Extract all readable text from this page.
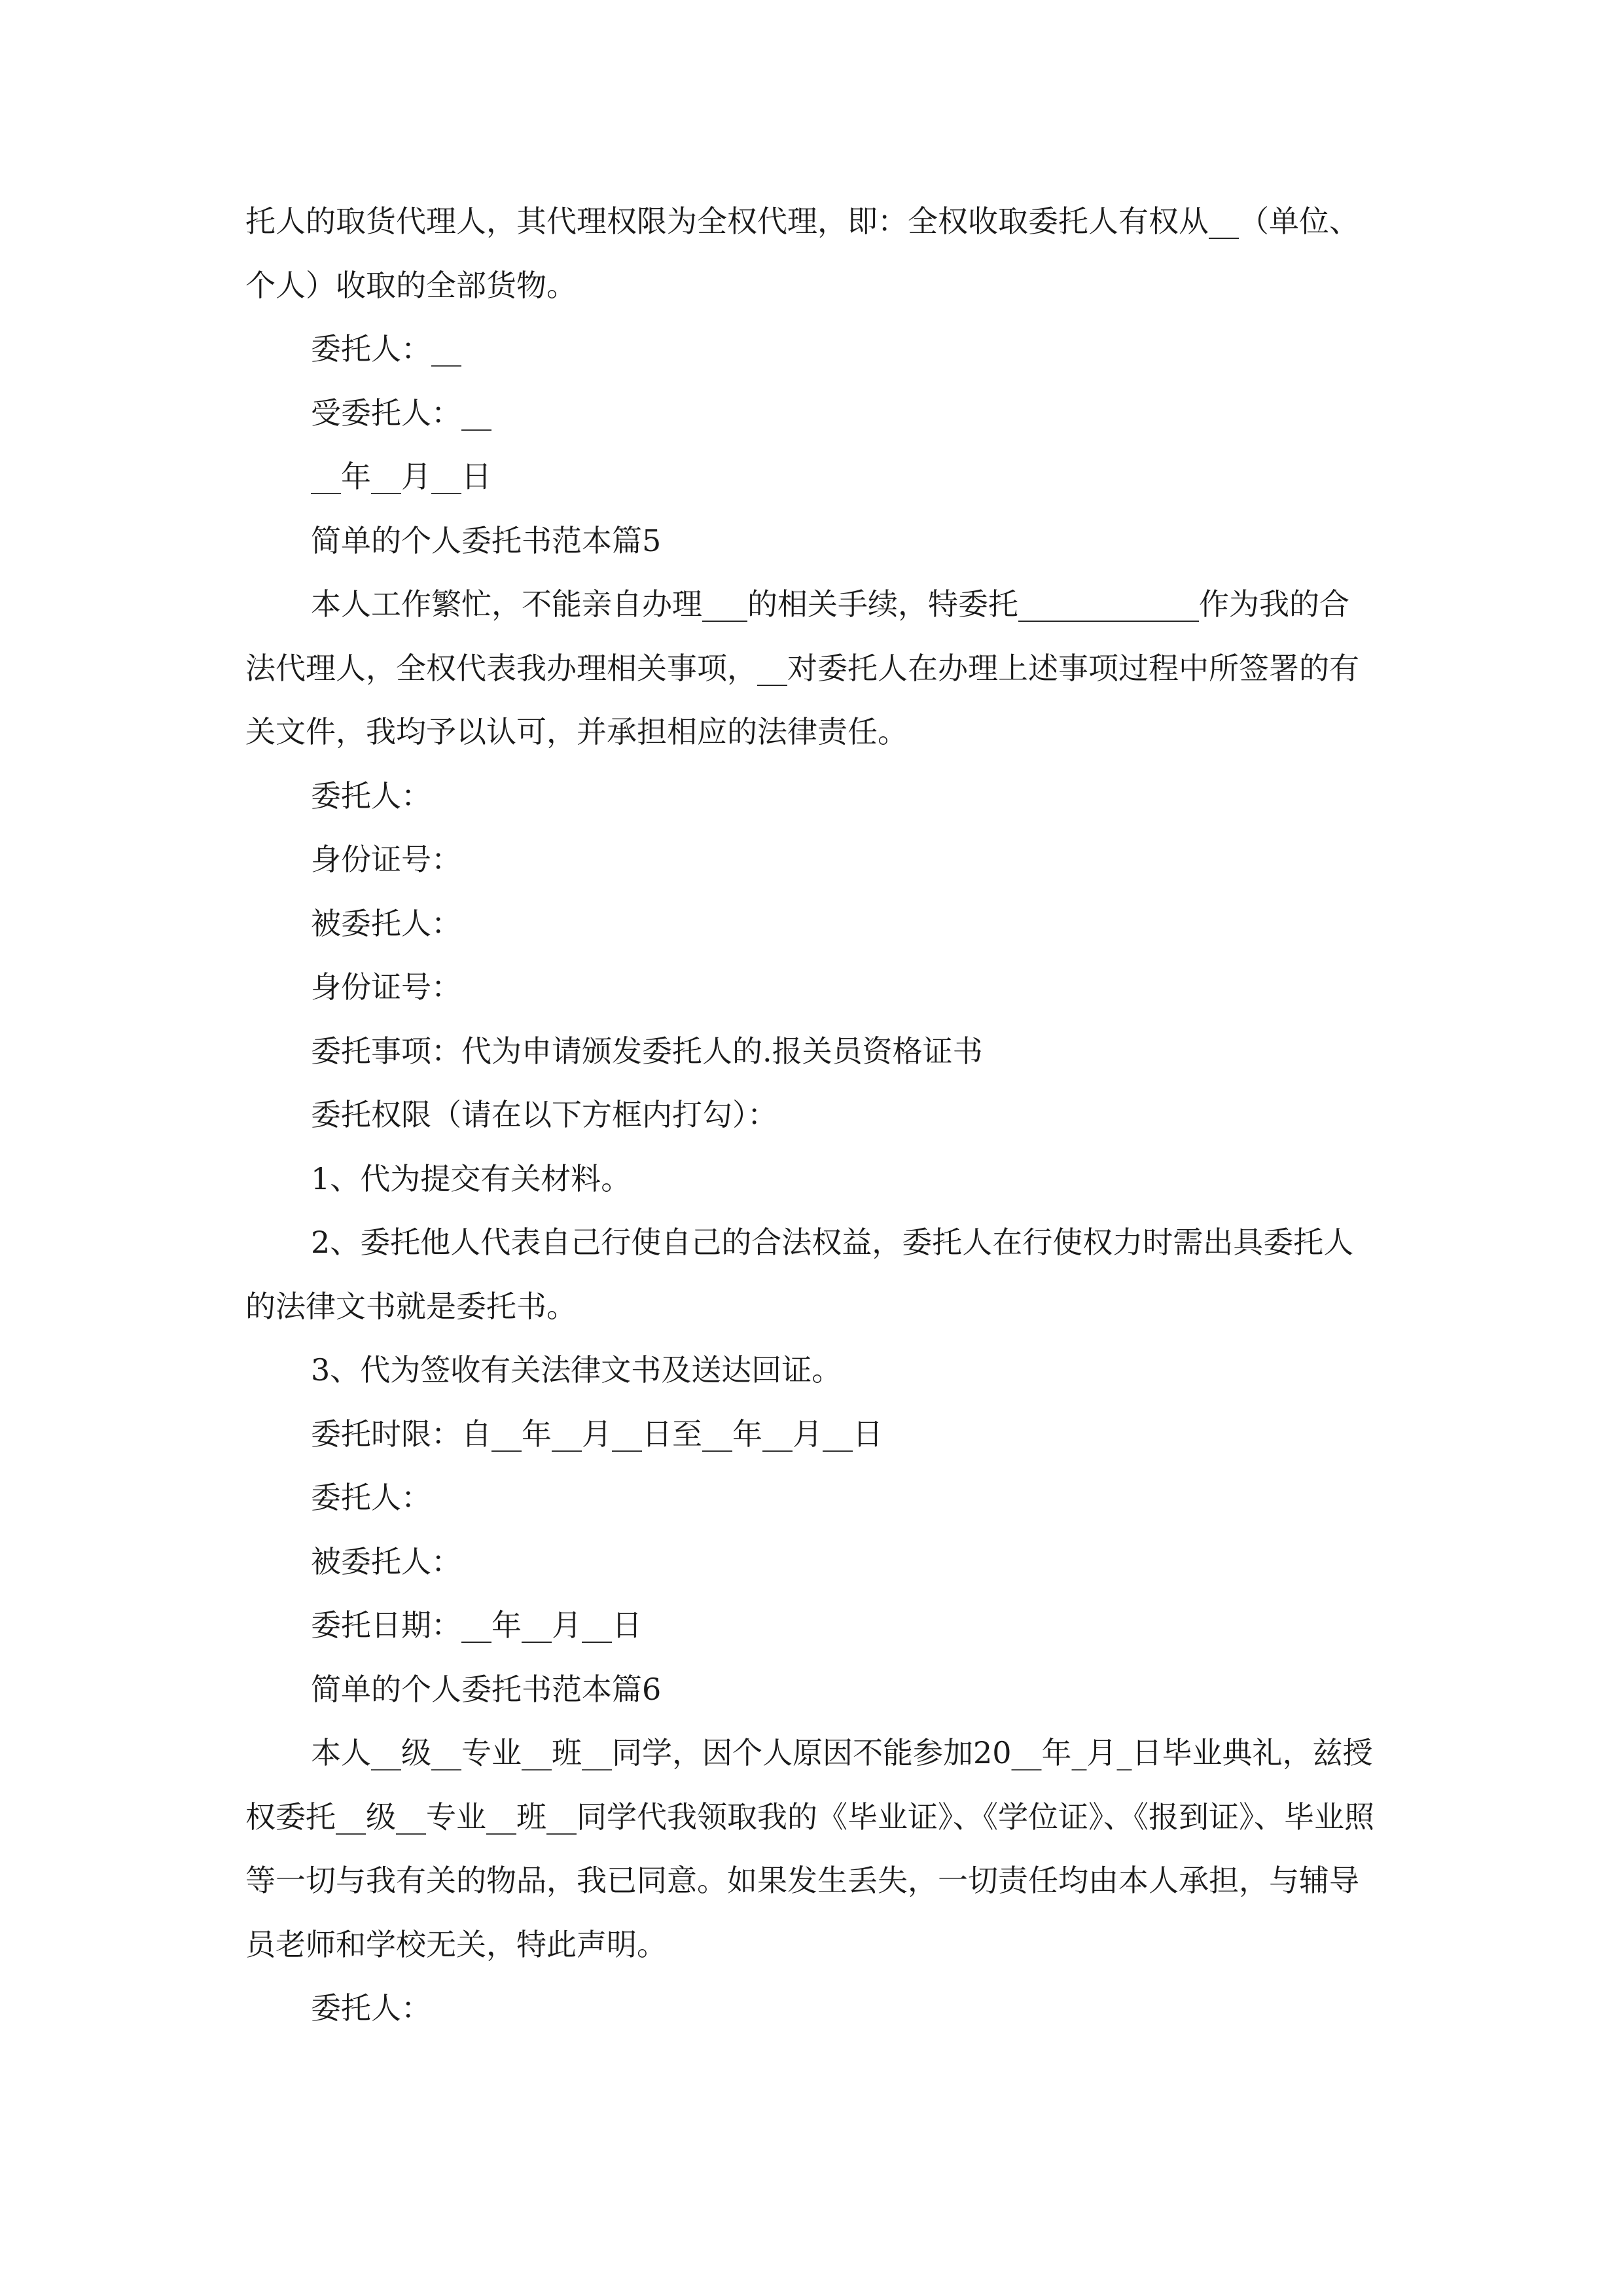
托人的取货代理人，其代理权限为全权代理，即：全权收取委托人有权从__（单位、个人）收取的全部货物。

委托人：__

受委托人：__

__年__月__日

简单的个人委托书范本篇5

本人工作繁忙，不能亲自办理___的相关手续，特委托____________作为我的合法代理人，全权代表我办理相关事项，__对委托人在办理上述事项过程中所签署的有关文件，我均予以认可，并承担相应的法律责任。

委托人：

身份证号：

被委托人：

身份证号：

委托事项：代为申请颁发委托人的.报关员资格证书

委托权限（请在以下方框内打勾）：

1、代为提交有关材料。

2、委托他人代表自己行使自己的合法权益，委托人在行使权力时需出具委托人的法律文书就是委托书。

3、代为签收有关法律文书及送达回证。

委托时限：自__年__月__日至__年__月__日

委托人：

被委托人：

委托日期：__年__月__日

简单的个人委托书范本篇6

本人__级__专业__班__同学，因个人原因不能参加20__年_月_日毕业典礼，兹授权委托__级__专业__班__同学代我领取我的《毕业证》、《学位证》、《报到证》、毕业照等一切与我有关的物品，我已同意。如果发生丢失，一切责任均由本人承担，与辅导员老师和学校无关，特此声明。

委托人：
